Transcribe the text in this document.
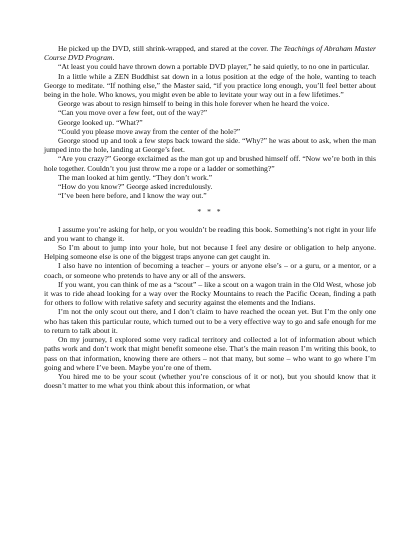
He picked up the DVD, still shrink-wrapped, and stared at the cover. The Teachings of Abraham Master Course DVD Program.

“At least you could have thrown down a portable DVD player,” he said quietly, to no one in particular.

In a little while a ZEN Buddhist sat down in a lotus position at the edge of the hole, wanting to teach George to meditate. “If nothing else,” the Master said, “if you practice long enough, you’ll feel better about being in the hole. Who knows, you might even be able to levitate your way out in a few lifetimes.”

George was about to resign himself to being in this hole forever when he heard the voice.

“Can you move over a few feet, out of the way?”

George looked up. “What?”

“Could you please move away from the center of the hole?”

George stood up and took a few steps back toward the side. “Why?” he was about to ask, when the man jumped into the hole, landing at George’s feet.

“Are you crazy?” George exclaimed as the man got up and brushed himself off. “Now we’re both in this hole together. Couldn’t you just throw me a rope or a ladder or something?”

The man looked at him gently. “They don’t work.”

“How do you know?” George asked incredulously.

“I’ve been here before, and I know the way out.”

* * *

I assume you’re asking for help, or you wouldn’t be reading this book. Something’s not right in your life and you want to change it.

So I’m about to jump into your hole, but not because I feel any desire or obligation to help anyone. Helping someone else is one of the biggest traps anyone can get caught in.

I also have no intention of becoming a teacher – yours or anyone else’s – or a guru, or a mentor, or a coach, or someone who pretends to have any or all of the answers.

If you want, you can think of me as a “scout” – like a scout on a wagon train in the Old West, whose job it was to ride ahead looking for a way over the Rocky Mountains to reach the Pacific Ocean, finding a path for others to follow with relative safety and security against the elements and the Indians.

I’m not the only scout out there, and I don’t claim to have reached the ocean yet. But I’m the only one who has taken this particular route, which turned out to be a very effective way to go and safe enough for me to return to talk about it.

On my journey, I explored some very radical territory and collected a lot of information about which paths work and don’t work that might benefit someone else. That’s the main reason I’m writing this book, to pass on that information, knowing there are others – not that many, but some – who want to go where I’m going and where I’ve been. Maybe you’re one of them.

You hired me to be your scout (whether you’re conscious of it or not), but you should know that it doesn’t matter to me what you think about this information, or what
